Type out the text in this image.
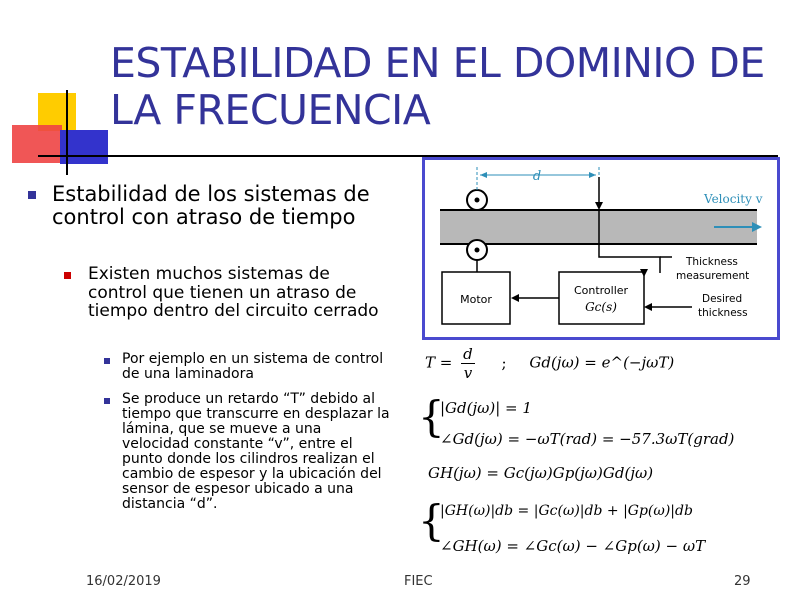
ESTABILIDAD EN EL DOMINIO DE LA FRECUENCIA
Estabilidad de los sistemas de control con atraso de tiempo
Existen muchos sistemas de control que tienen un atraso de tiempo dentro del circuito cerrado
Por ejemplo en un sistema de control de una laminadora
Se produce un retardo “T” debido al tiempo que transcurre en desplazar la lámina, que se mueve a una velocidad constante “v”, entre el punto donde los cilindros realizan el cambio de espesor y la ubicación del sensor de espesor ubicado a una distancia “d”.
d
Velocity v
Motor
Controller
Gc(s)
Thickness measurement
Desired thickness
$T = \frac{d}{v}$ ; Gd(jω) = e^(−jωT)
{
|Gd(jω)| = 1
∠Gd(jω) = −ωT(rad) = −57.3ωT(grad)
GH(jω) = Gc(jω)Gp(jω)Gd(jω)
{
|GH(ω)|db = |Gc(ω)|db + |Gp(ω)|db
∠GH(ω) = ∠Gc(ω) − ∠Gp(ω) − ωT
16/02/2019	FIEC	29
